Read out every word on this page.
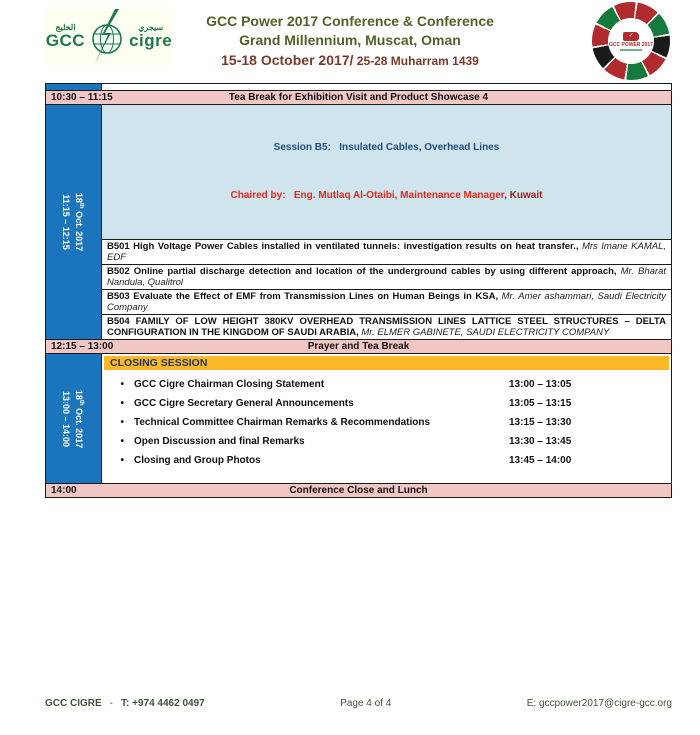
الخليج
GCC
سيجري
cigre
GCC Power 2017 Conference & Conference
Grand Millennium, Muscat, Oman
15-18 October 2017/ 25-28 Muharram 1439
✓
GCC POWER 2017
10:30 – 11:15	Tea Break for Exhibition Visit and Product Showcase 4
18th Oct. 2017
11:15 – 12:15

Session B5:   Insulated Cables, Overhead Lines

Chaired by:   Eng. Mutlaq Al-Otaibi, Maintenance Manager, Kuwait

B501 High Voltage Power Cables installed in ventilated tunnels: investigation results on heat transfer., Mrs Imane KAMAL, EDF
B502 Online partial discharge detection and location of the underground cables by using different approach, Mr. Bharat Nandula, Qualitrol
B503 Evaluate the Effect of EMF from Transmission Lines on Human Beings in KSA, Mr. Amer ashammari, Saudi Electricity Company
B504 FAMILY OF LOW HEIGHT 380KV OVERHEAD TRANSMISSION LINES LATTICE STEEL STRUCTURES – DELTA CONFIGURATION IN THE KINGDOM OF SAUDI ARABIA, Mr. ELMER GABINETE, SAUDI ELECTRICITY COMPANY
12:15 – 13:00	Prayer and Tea Break
18th Oct. 2017
13:00 – 14:00
CLOSING SESSION
•	GCC Cigre Chairman Closing Statement	13:00 – 13:05
•	GCC Cigre Secretary General Announcements	13:05 – 13:15
•	Technical Committee Chairman Remarks & Recommendations	13:15 – 13:30
•	Open Discussion and final Remarks	13:30 – 13:45
•	Closing and Group Photos	13:45 – 14:00
14:00	Conference Close and Lunch
GCC CIGRE - T: +974 4462 0497	Page 4 of 4	E: gccpower2017@cigre-gcc.org
